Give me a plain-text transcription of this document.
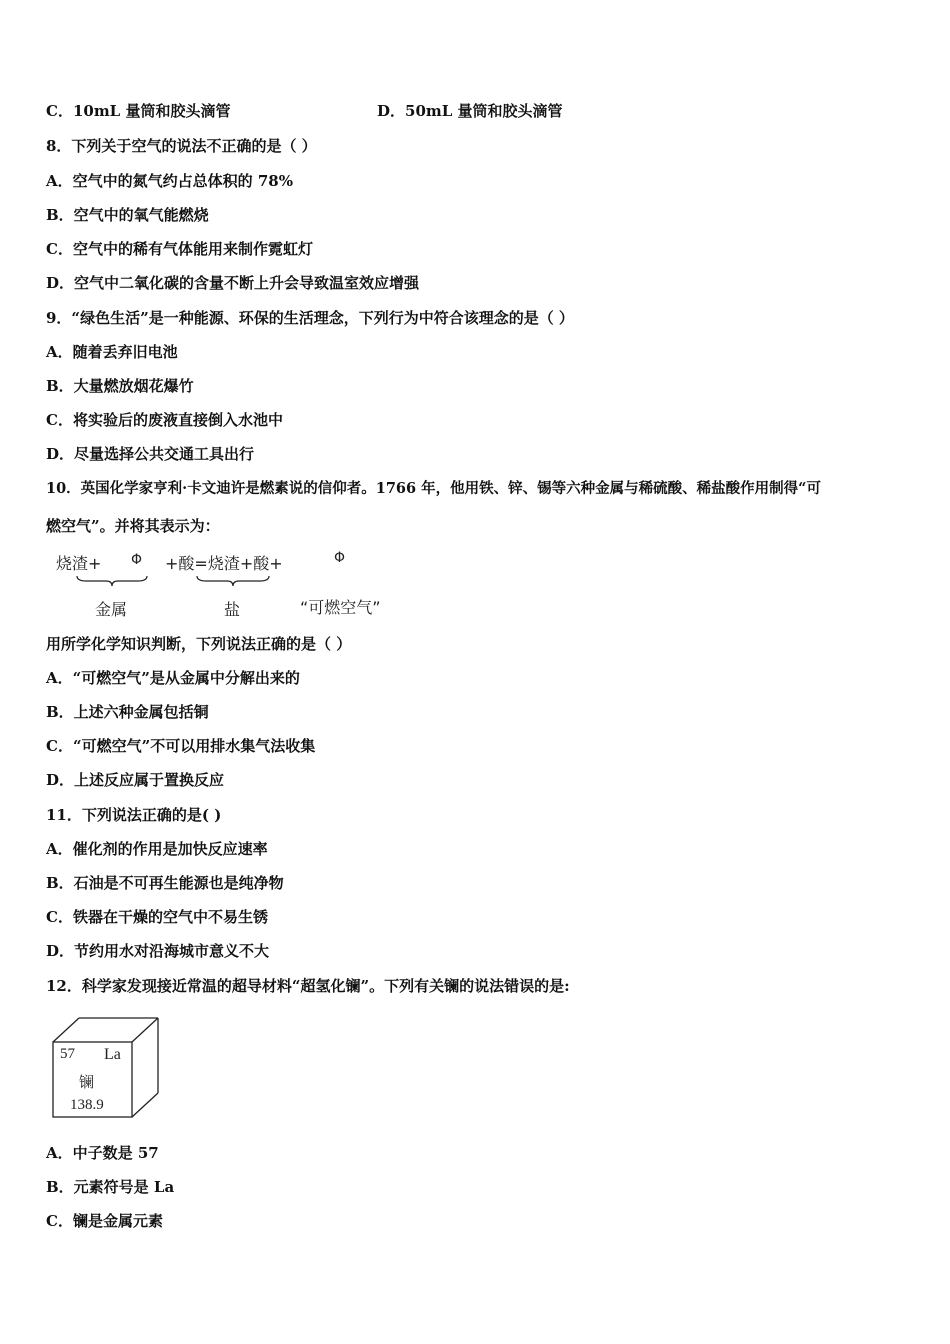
C．10mL 量筒和胶头滴管	D．50mL 量筒和胶头滴管
8．下列关于空气的说法不正确的是（ ）
A．空气中的氮气约占总体积的 78%
B．空气中的氧气能燃烧
C．空气中的稀有气体能用来制作霓虹灯
D．空气中二氧化碳的含量不断上升会导致温室效应增强
9．“绿色生活”是一种能源、环保的生活理念，下列行为中符合该理念的是（ ）
A．随着丢弃旧电池
B．大量燃放烟花爆竹
C．将实验后的废液直接倒入水池中
D．尽量选择公共交通工具出行
10．英国化学家亨利·卡文迪许是燃素说的信仰者。1766 年，他用铁、锌、锡等六种金属与稀硫酸、稀盐酸作用制得“可
燃空气”。并将其表示为：
烧渣+ Φ +酸=烧渣+酸+	Φ
金属	盐	“可燃空气”
用所学化学知识判断，下列说法正确的是（ ）
A．“可燃空气”是从金属中分解出来的
B．上述六种金属包括铜
C．“可燃空气”不可以用排水集气法收集
D．上述反应属于置换反应
11．下列说法正确的是( )
A．催化剂的作用是加快反应速率
B．石油是不可再生能源也是纯净物
C．铁器在干燥的空气中不易生锈
D．节约用水对沿海城市意义不大
12．科学家发现接近常温的超导材料“超氢化镧”。下列有关镧的说法错误的是:
57 La
镧
138.9
A．中子数是 57
B．元素符号是 La
C．镧是金属元素
